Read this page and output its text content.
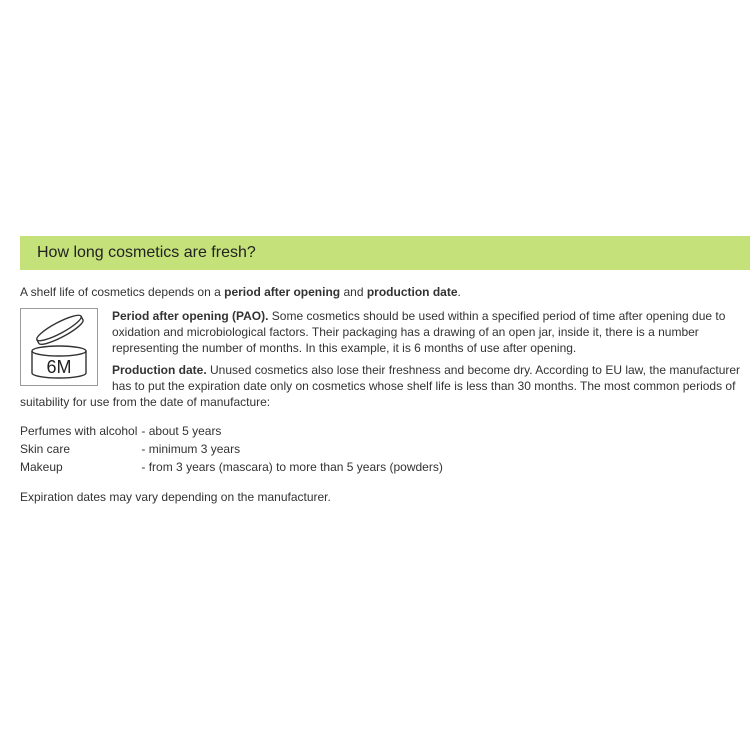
How long cosmetics are fresh?
A shelf life of cosmetics depends on a period after opening and production date.
6M

Period after opening (PAO). Some cosmetics should be used within a specified period of time after opening due to oxidation and microbiological factors. Their packaging has a drawing of an open jar, inside it, there is a number representing the number of months. In this example, it is 6 months of use after opening.

Production date. Unused cosmetics also lose their freshness and become dry. According to EU law, the manufacturer has to put the expiration date only on cosmetics whose shelf life is less than 30 months. The most common periods of suitability for use from the date of manufacture:

Perfumes with alcohol	- about 5 years
Skin care	- minimum 3 years
Makeup	- from 3 years (mascara) to more than 5 years (powders)
Expiration dates may vary depending on the manufacturer.
